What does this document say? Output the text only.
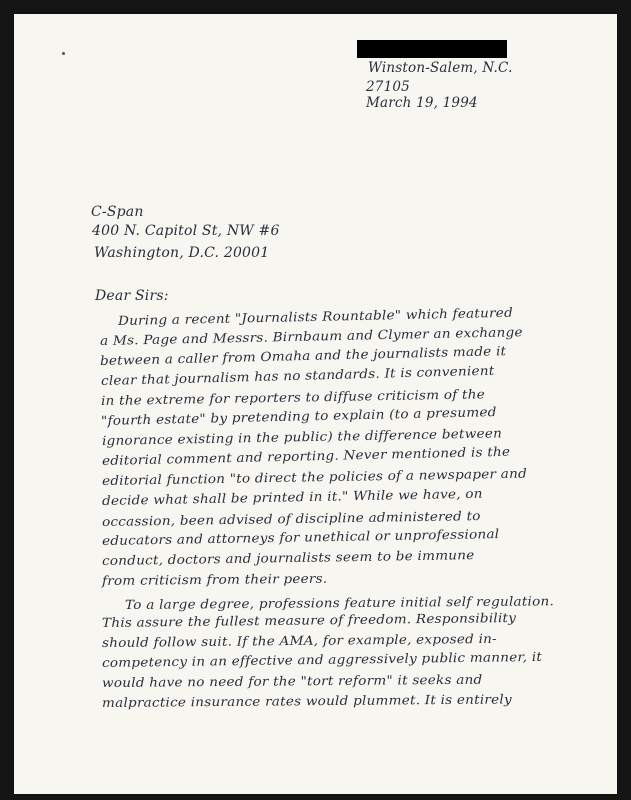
Winston-Salem, N.C.
27105
March 19, 1994
C-Span
400 N. Capitol St, NW #6
Washington, D.C. 20001
Dear Sirs:
During a recent "Journalists Rountable" which featured
a Ms. Page and Messrs. Birnbaum and Clymer an exchange
between a caller from Omaha and the journalists made it
clear that journalism has no standards. It is convenient
in the extreme for reporters to diffuse criticism of the
"fourth estate" by pretending to explain (to a presumed
ignorance existing in the public) the difference between
editorial comment and reporting. Never mentioned is the
editorial function "to direct the policies of a newspaper and
decide what shall be printed in it." While we have, on
occassion, been advised of discipline administered to
educators and attorneys for unethical or unprofessional
conduct, doctors and journalists seem to be immune
from criticism from their peers.
To a large degree, professions feature initial self regulation.
This assure the fullest measure of freedom. Responsibility
should follow suit. If the AMA, for example, exposed in-
competency in an effective and aggressively public manner, it
would have no need for the "tort reform" it seeks and
malpractice insurance rates would plummet. It is entirely
